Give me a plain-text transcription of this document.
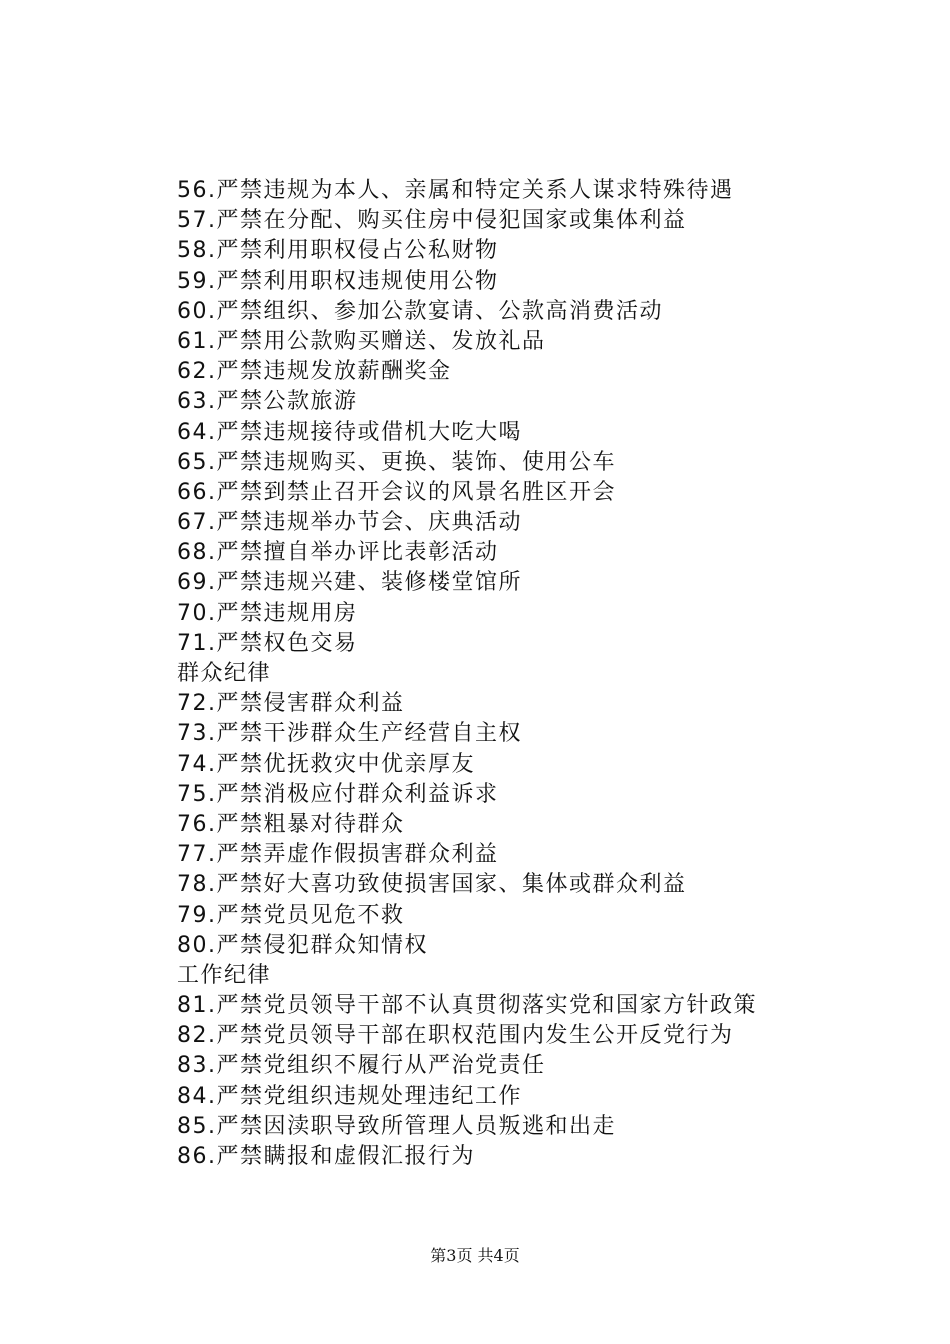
56.严禁违规为本人、亲属和特定关系人谋求特殊待遇
57.严禁在分配、购买住房中侵犯国家或集体利益
58.严禁利用职权侵占公私财物
59.严禁利用职权违规使用公物
60.严禁组织、参加公款宴请、公款高消费活动
61.严禁用公款购买赠送、发放礼品
62.严禁违规发放薪酬奖金
63.严禁公款旅游
64.严禁违规接待或借机大吃大喝
65.严禁违规购买、更换、装饰、使用公车
66.严禁到禁止召开会议的风景名胜区开会
67.严禁违规举办节会、庆典活动
68.严禁擅自举办评比表彰活动
69.严禁违规兴建、装修楼堂馆所
70.严禁违规用房
71.严禁权色交易
群众纪律
72.严禁侵害群众利益
73.严禁干涉群众生产经营自主权
74.严禁优抚救灾中优亲厚友
75.严禁消极应付群众利益诉求
76.严禁粗暴对待群众
77.严禁弄虚作假损害群众利益
78.严禁好大喜功致使损害国家、集体或群众利益
79.严禁党员见危不救
80.严禁侵犯群众知情权
工作纪律
81.严禁党员领导干部不认真贯彻落实党和国家方针政策
82.严禁党员领导干部在职权范围内发生公开反党行为
83.严禁党组织不履行从严治党责任
84.严禁党组织违规处理违纪工作
85.严禁因渎职导致所管理人员叛逃和出走
86.严禁瞒报和虚假汇报行为
第3页 共4页
